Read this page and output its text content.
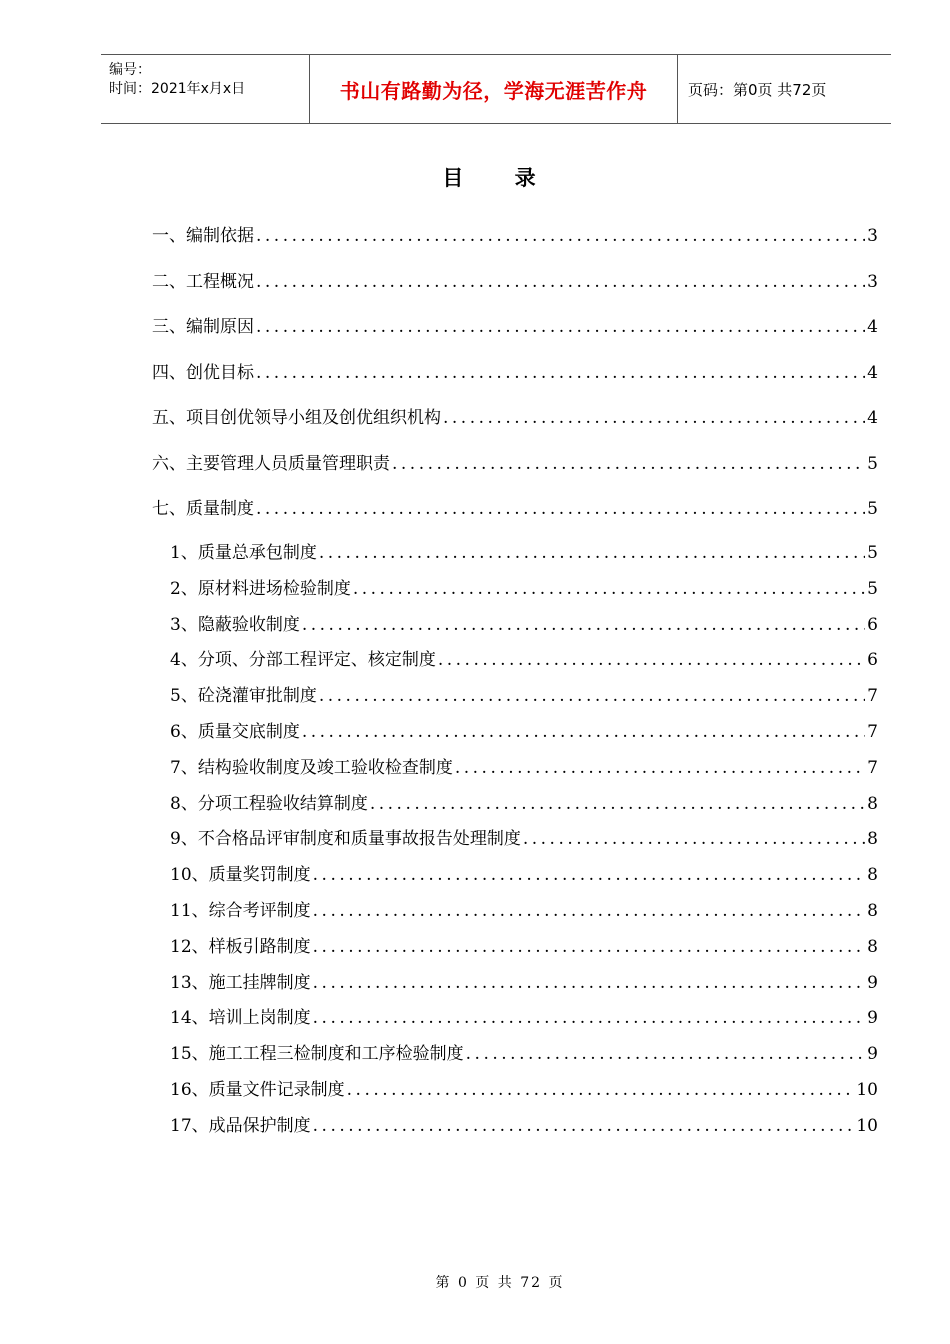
编号：
时间：2021年x月x日	书山有路勤为径，学海无涯苦作舟	页码：第0页 共72页
目 录
一、编制依据 .....	3
二、工程概况 .....	3
三、编制原因 .....	4
四、创优目标 .....	4
五、项目创优领导小组及创优组织机构 .....	4
六、主要管理人员质量管理职责 .....	5
七、质量制度 .....	5
1、质量总承包制度 .....	5
2、原材料进场检验制度 .....	5
3、隐蔽验收制度 .....	6
4、分项、分部工程评定、核定制度 .....	6
5、砼浇灌审批制度 .....	7
6、质量交底制度 .....	7
7、结构验收制度及竣工验收检查制度 .....	7
8、分项工程验收结算制度 .....	8
9、不合格品评审制度和质量事故报告处理制度 .....	8
10、质量奖罚制度 .....	8
11、综合考评制度 .....	8
12、样板引路制度 .....	8
13、施工挂牌制度 .....	9
14、培训上岗制度 .....	9
15、施工工程三检制度和工序检验制度 .....	9
16、质量文件记录制度 .....	10
17、成品保护制度 .....	10
第 0 页 共 72 页
